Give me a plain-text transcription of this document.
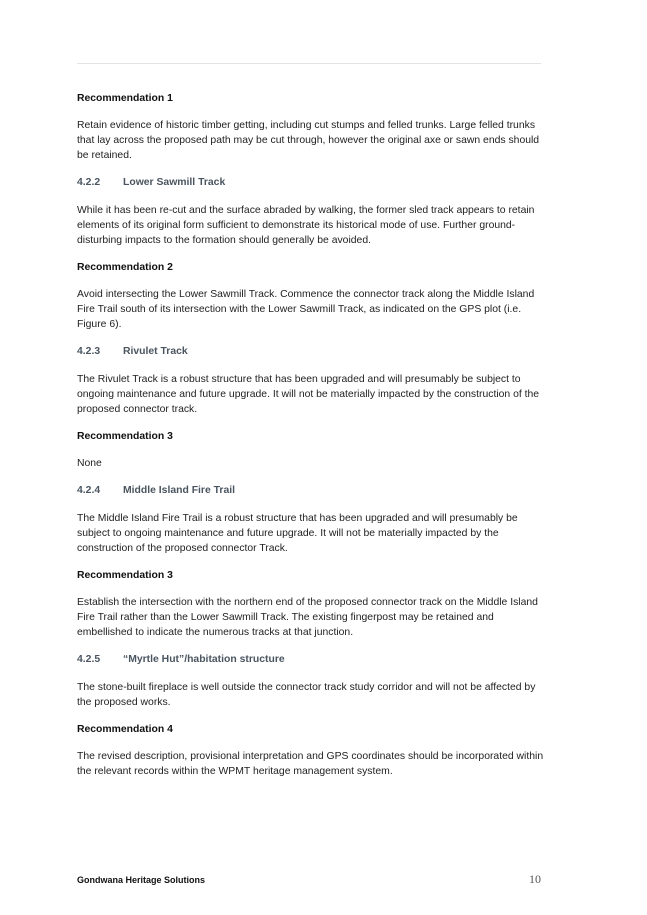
Recommendation 1

Retain evidence of historic timber getting, including cut stumps and felled trunks. Large felled trunks that lay across the proposed path may be cut through, however the original axe or sawn ends should be retained.

4.2.2	Lower Sawmill Track

While it has been re-cut and the surface abraded by walking, the former sled track appears to retain elements of its original form sufficient to demonstrate its historical mode of use. Further ground-disturbing impacts to the formation should generally be avoided.

Recommendation 2

Avoid intersecting the Lower Sawmill Track. Commence the connector track along the Middle Island Fire Trail south of its intersection with the Lower Sawmill Track, as indicated on the GPS plot (i.e. Figure 6).

4.2.3	Rivulet Track

The Rivulet Track is a robust structure that has been upgraded and will presumably be subject to ongoing maintenance and future upgrade. It will not be materially impacted by the construction of the proposed connector track.

Recommendation 3

None

4.2.4	Middle Island Fire Trail

The Middle Island Fire Trail is a robust structure that has been upgraded and will presumably be subject to ongoing maintenance and future upgrade. It will not be materially impacted by the construction of the proposed connector Track.

Recommendation 3

Establish the intersection with the northern end of the proposed connector track on the Middle Island Fire Trail rather than the Lower Sawmill Track. The existing fingerpost may be retained and embellished to indicate the numerous tracks at that junction.

4.2.5	“Myrtle Hut”/habitation structure

The stone-built fireplace is well outside the connector track study corridor and will not be affected by the proposed works.

Recommendation 4

The revised description, provisional interpretation and GPS coordinates should be incorporated within the relevant records within the WPMT heritage management system.

Gondwana Heritage Solutions	10
